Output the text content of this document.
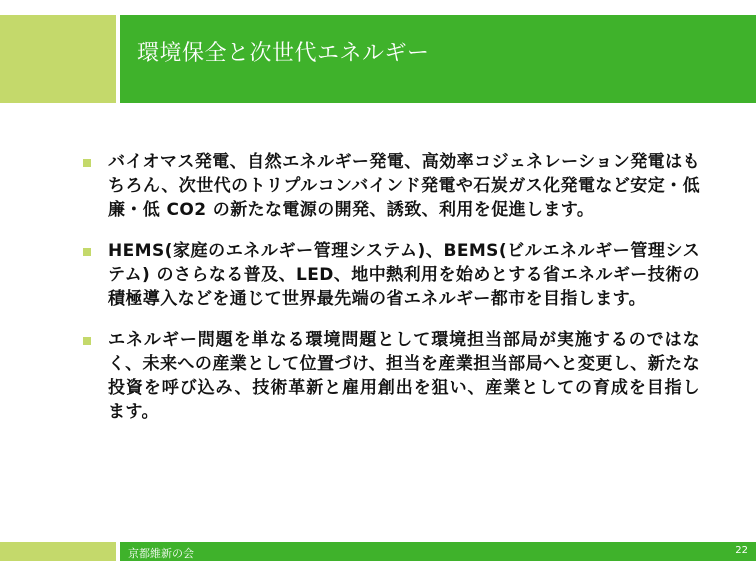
環境保全と次世代エネルギー
バイオマス発電、自然エネルギー発電、高効率コジェネレーション発電はもちろん、次世代のトリプルコンバインド発電や石炭ガス化発電など安定・低廉・低 CO2 の新たな電源の開発、誘致、利用を促進します。
HEMS(家庭のエネルギー管理システム)、BEMS(ビルエネルギー管理システム) のさらなる普及、LED、地中熱利用を始めとする省エネルギー技術の積極導入などを通じて世界最先端の省エネルギー都市を目指します。
エネルギー問題を単なる環境問題として環境担当部局が実施するのではなく、未来への産業として位置づけ、担当を産業担当部局へと変更し、新たな投資を呼び込み、技術革新と雇用創出を狙い、産業としての育成を目指します。
京都維新の会	22
